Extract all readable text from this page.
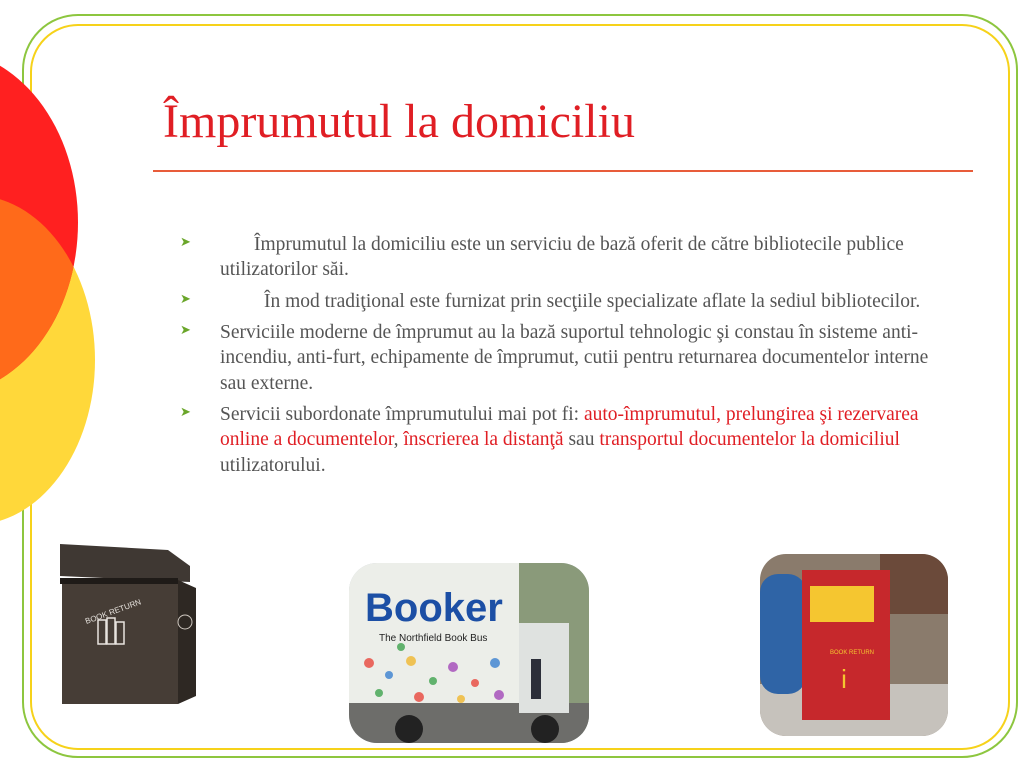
Împrumutul la domiciliu
➤	Împrumutul la domiciliu este un serviciu de bază oferit de către bibliotecile publice utilizatorilor săi.
➤	În mod tradiţional este furnizat prin secţiile specializate aflate la sediul bibliotecilor.
➤ Serviciile moderne de împrumut au la bază suportul tehnologic şi constau în sisteme anti-incendiu, anti-furt, echipamente de împrumut, cutii pentru returnarea documentelor interne sau externe.
➤ Servicii subordonate împrumutului mai pot fi: auto-împrumutul, prelungirea şi rezervarea online a documentelor, înscrierea la distanţă sau transportul documentelor la domiciliul utilizatorului.
BOOK RETURN	Booker
The Northfield Book Bus
BOOK RETURN
i
